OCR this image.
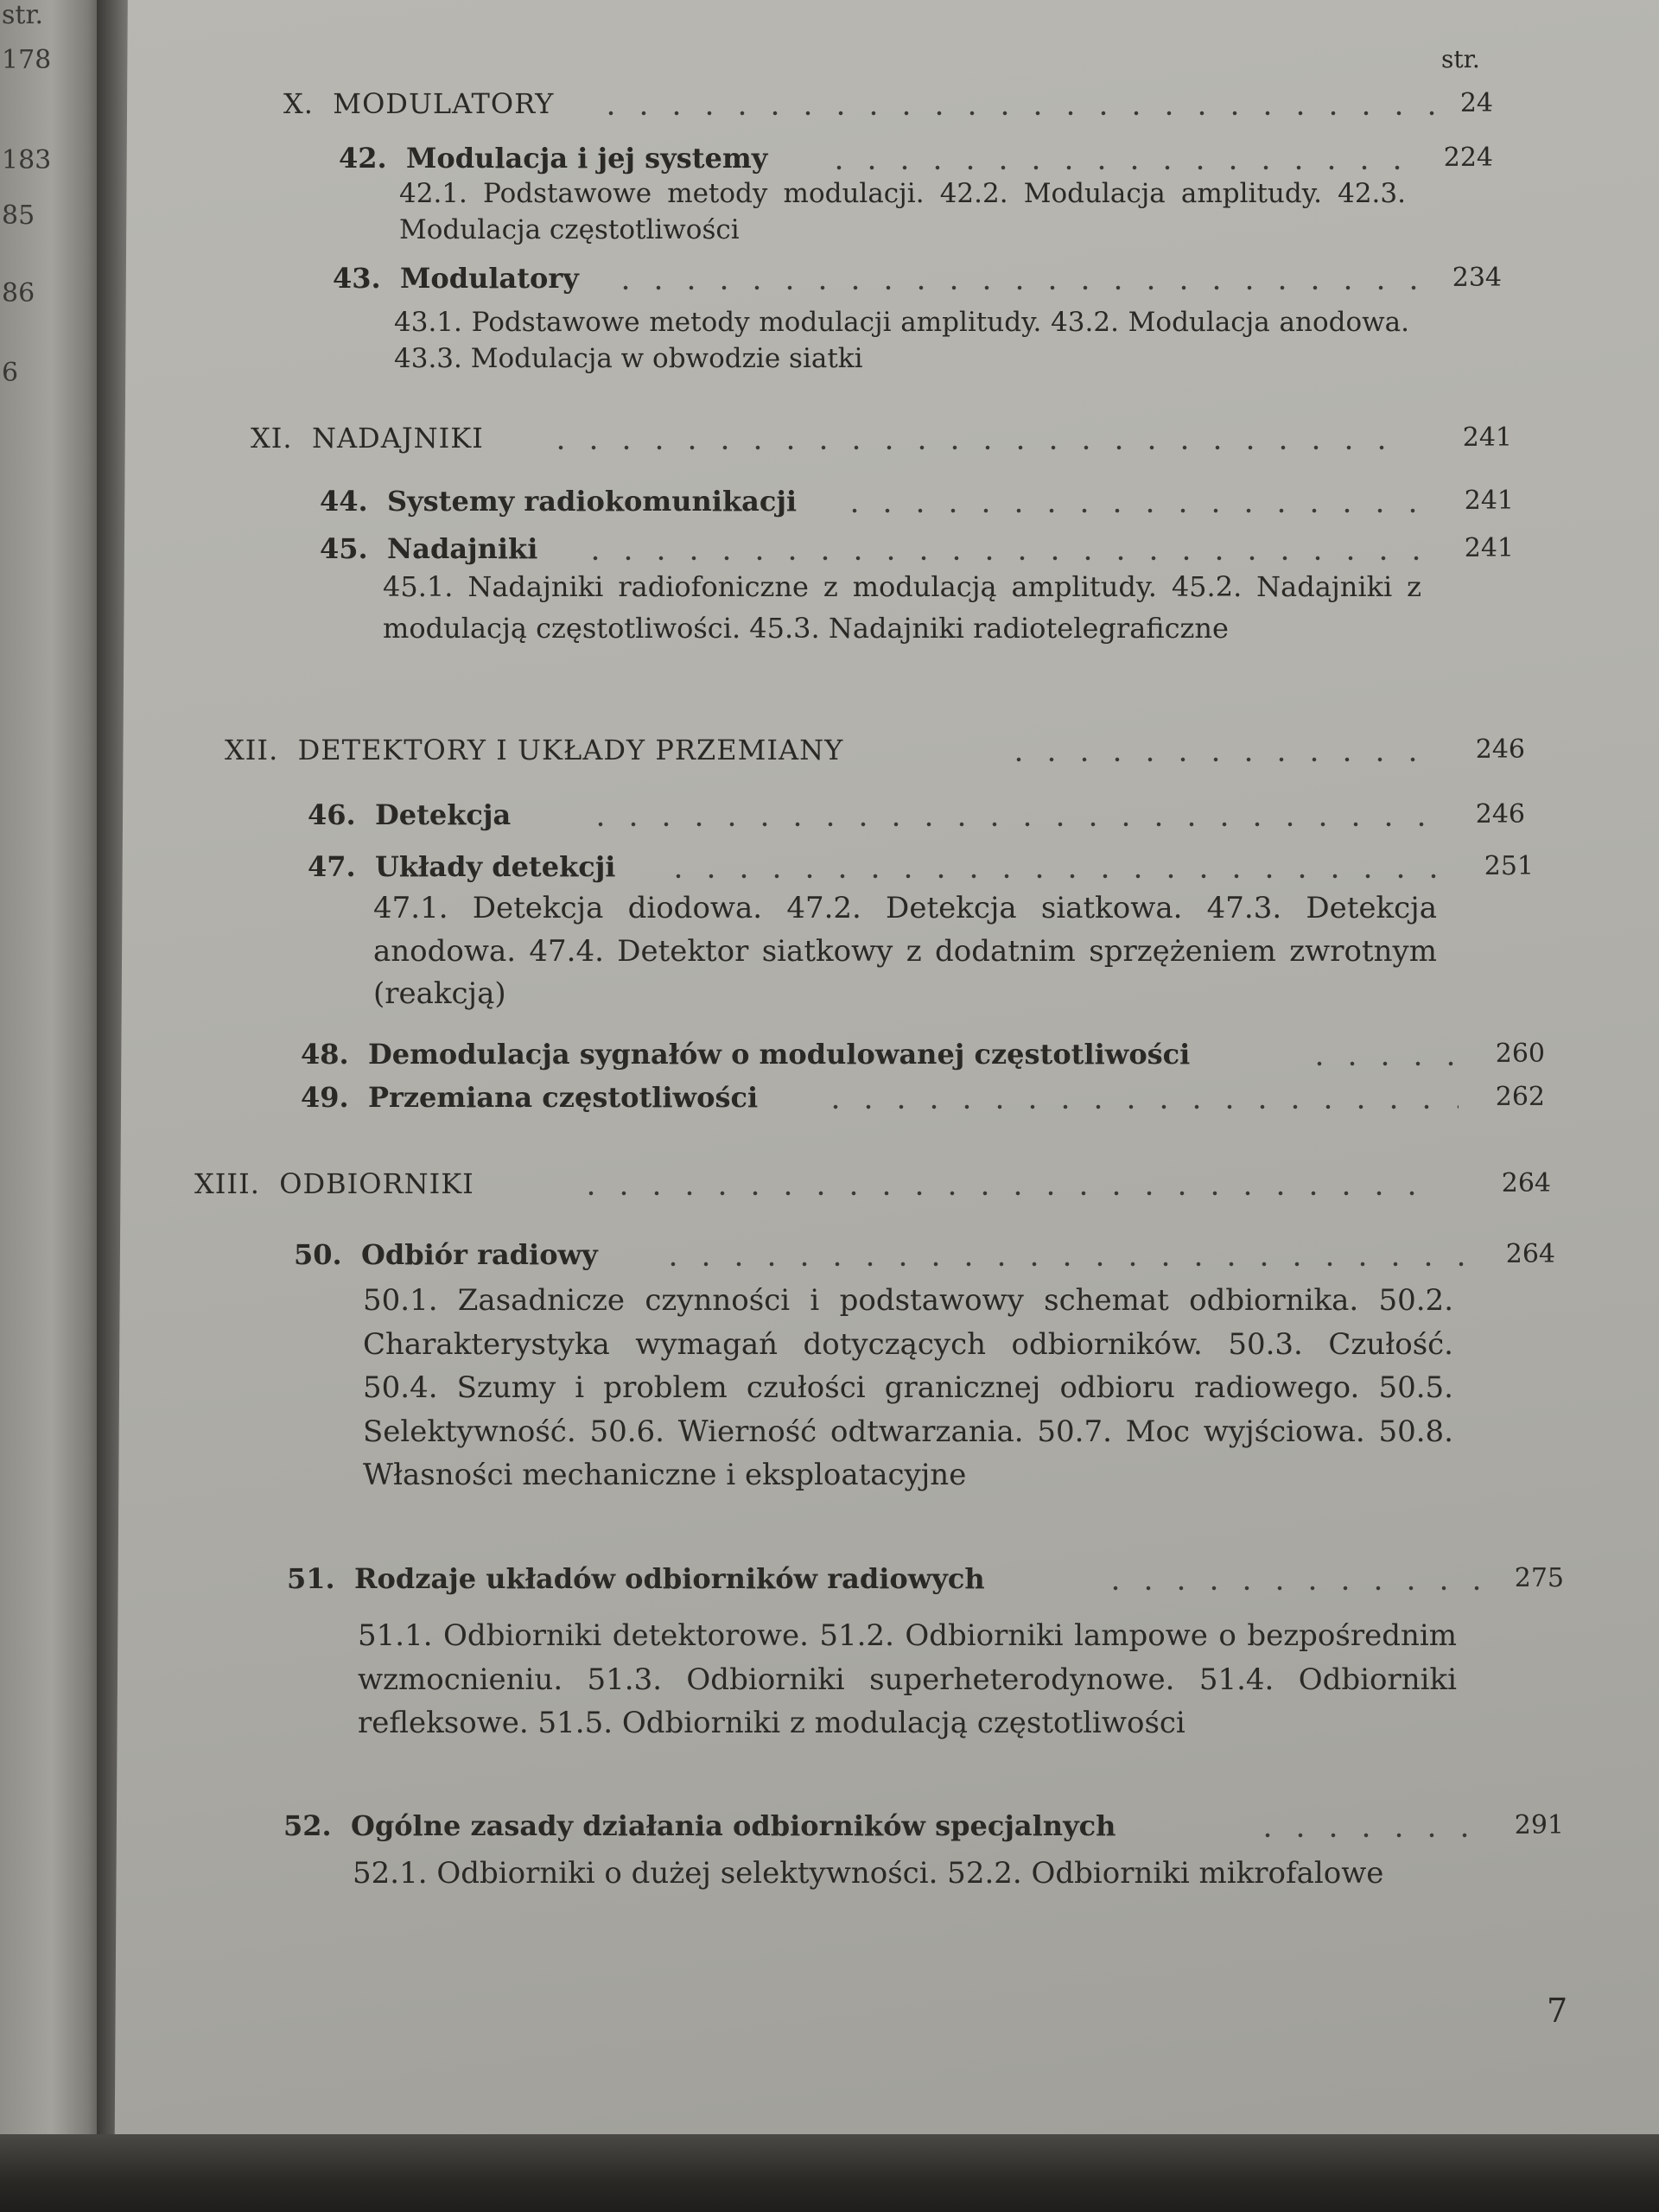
str.
178
183
85
86
6
str.
X. MODULATORY	24
42. Modulacja i jej systemy	224
42.1. Podstawowe metody modulacji. 42.2. Modulacja amplitudy. 42.3. Modulacja częstotliwości
43. Modulatory	234
43.1. Podstawowe metody modulacji amplitudy. 43.2. Modulacja anodowa. 43.3. Modulacja w obwodzie siatki
XI. NADAJNIKI	241
44. Systemy radiokomunikacji	241
45. Nadajniki	241
45.1. Nadajniki radiofoniczne z modulacją amplitudy. 45.2. Nadajniki z modulacją częstotliwości. 45.3. Nadajniki radiotelegraficzne
XII. DETEKTORY I UKŁADY PRZEMIANY	246
46. Detekcja	246
47. Układy detekcji	251
47.1. Detekcja diodowa. 47.2. Detekcja siatkowa. 47.3. Detekcja anodowa. 47.4. Detektor siatkowy z dodatnim sprzężeniem zwrotnym (reakcją)
48. Demodulacja sygnałów o modulowanej częstotliwości	260
49. Przemiana częstotliwości	262
XIII. ODBIORNIKI	264
50. Odbiór radiowy	264
50.1. Zasadnicze czynności i podstawowy schemat odbiornika. 50.2. Charakterystyka wymagań dotyczących odbiorników. 50.3. Czułość. 50.4. Szumy i problem czułości granicznej odbioru radiowego. 50.5. Selektywność. 50.6. Wierność odtwarzania. 50.7. Moc wyjściowa. 50.8. Własności mechaniczne i eksploatacyjne
51. Rodzaje układów odbiorników radiowych	275
51.1. Odbiorniki detektorowe. 51.2. Odbiorniki lampowe o bezpośrednim wzmocnieniu. 51.3. Odbiorniki superheterodynowe. 51.4. Odbiorniki refleksowe. 51.5. Odbiorniki z modulacją częstotliwości
52. Ogólne zasady działania odbiorników specjalnych	291
52.1. Odbiorniki o dużej selektywności. 52.2. Odbiorniki mikrofalowe
7
